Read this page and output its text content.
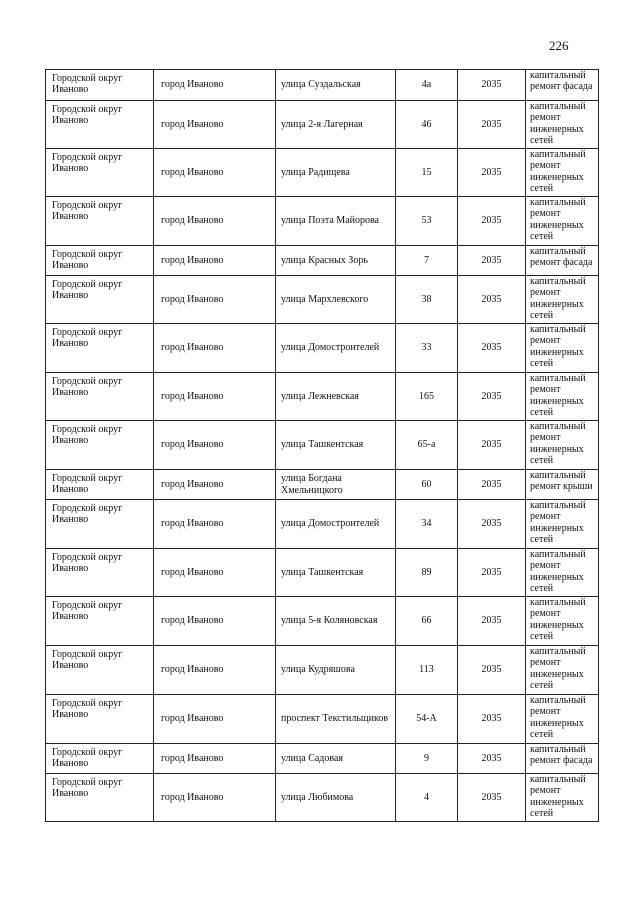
226
Городской округ Иваново	город Иваново	улица Суздальская	4а	2035	капитальный ремонт фасада

Городской округ Иваново	город Иваново	улица 2-я Лагерная	46	2035	капитальный ремонт инженерных сетей

Городской округ Иваново	город Иваново	улица Радищева	15	2035	капитальный ремонт инженерных сетей

Городской округ Иваново	город Иваново	улица Поэта Майорова	53	2035	капитальный ремонт инженерных сетей

Городской округ Иваново	город Иваново	улица Красных Зорь	7	2035	капитальный ремонт фасада

Городской округ Иваново	город Иваново	улица Мархлевского	38	2035	капитальный ремонт инженерных сетей

Городской округ Иваново	город Иваново	улица Домостроителей	33	2035	капитальный ремонт инженерных сетей

Городской округ Иваново	город Иваново	улица Лежневская	165	2035	капитальный ремонт инженерных сетей

Городской округ Иваново	город Иваново	улица Ташкентская	65-а	2035	капитальный ремонт инженерных сетей

Городской округ Иваново	город Иваново	улица Богдана Хмельницкого	60	2035	капитальный ремонт крыши

Городской округ Иваново	город Иваново	улица Домостроителей	34	2035	капитальный ремонт инженерных сетей

Городской округ Иваново	город Иваново	улица Ташкентская	89	2035	капитальный ремонт инженерных сетей

Городской округ Иваново	город Иваново	улица 5-я Коляновская	66	2035	капитальный ремонт инженерных сетей

Городской округ Иваново	город Иваново	улица Кудряшова	113	2035	капитальный ремонт инженерных сетей

Городской округ Иваново	город Иваново	проспект Текстильщиков	54-А	2035	капитальный ремонт инженерных сетей

Городской округ Иваново	город Иваново	улица Садовая	9	2035	капитальный ремонт фасада

Городской округ Иваново	город Иваново	улица Любимова	4	2035	капитальный ремонт инженерных сетей
